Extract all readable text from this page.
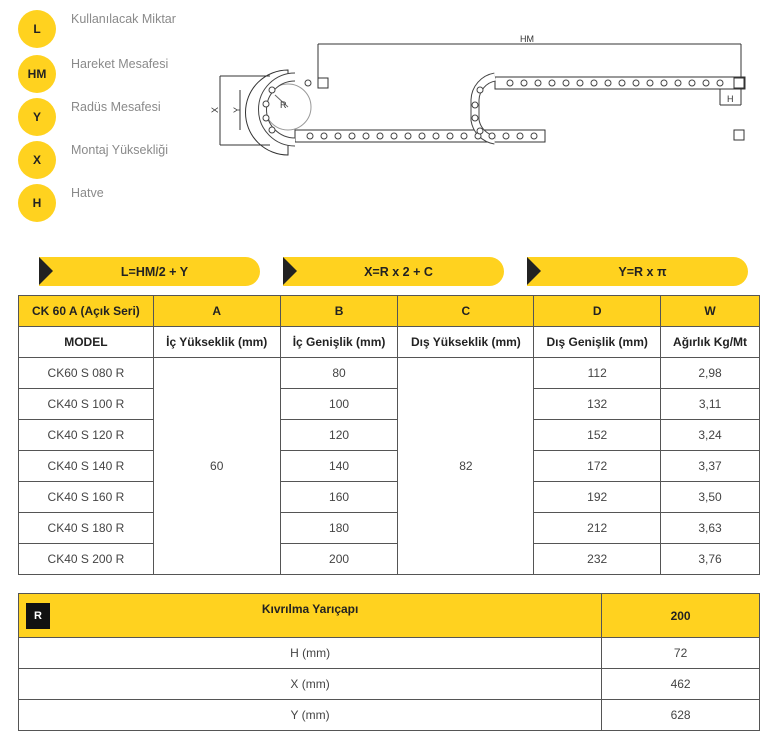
L
Kullanılacak Miktar
HM
Hareket Mesafesi
Y
Radüs Mesafesi
X
Montaj Yüksekliği
H
Hatve
HM
X Y	R
H
L=HM/2 + Y	X=R x 2 + C	Y=R x π
CK 60 A (Açık Seri)	A	B	C	D	W
MODEL	İç Yükseklik (mm)	İç Genişlik (mm)	Dış Yükseklik (mm)	Dış Genişlik (mm)	Ağırlık Kg/Mt
CK60 S 080 R	60	80	82	112	2,98
CK40 S 100 R		100		132	3,11
CK40 S 120 R		120		152	3,24
CK40 S 140 R		140		172	3,37
CK40 S 160 R		160		192	3,50
CK40 S 180 R		180		212	3,63
CK40 S 200 R		200		232	3,76
R Kıvrılma Yarıçapı	200
H (mm)	72
X (mm)	462
Y (mm)	628
